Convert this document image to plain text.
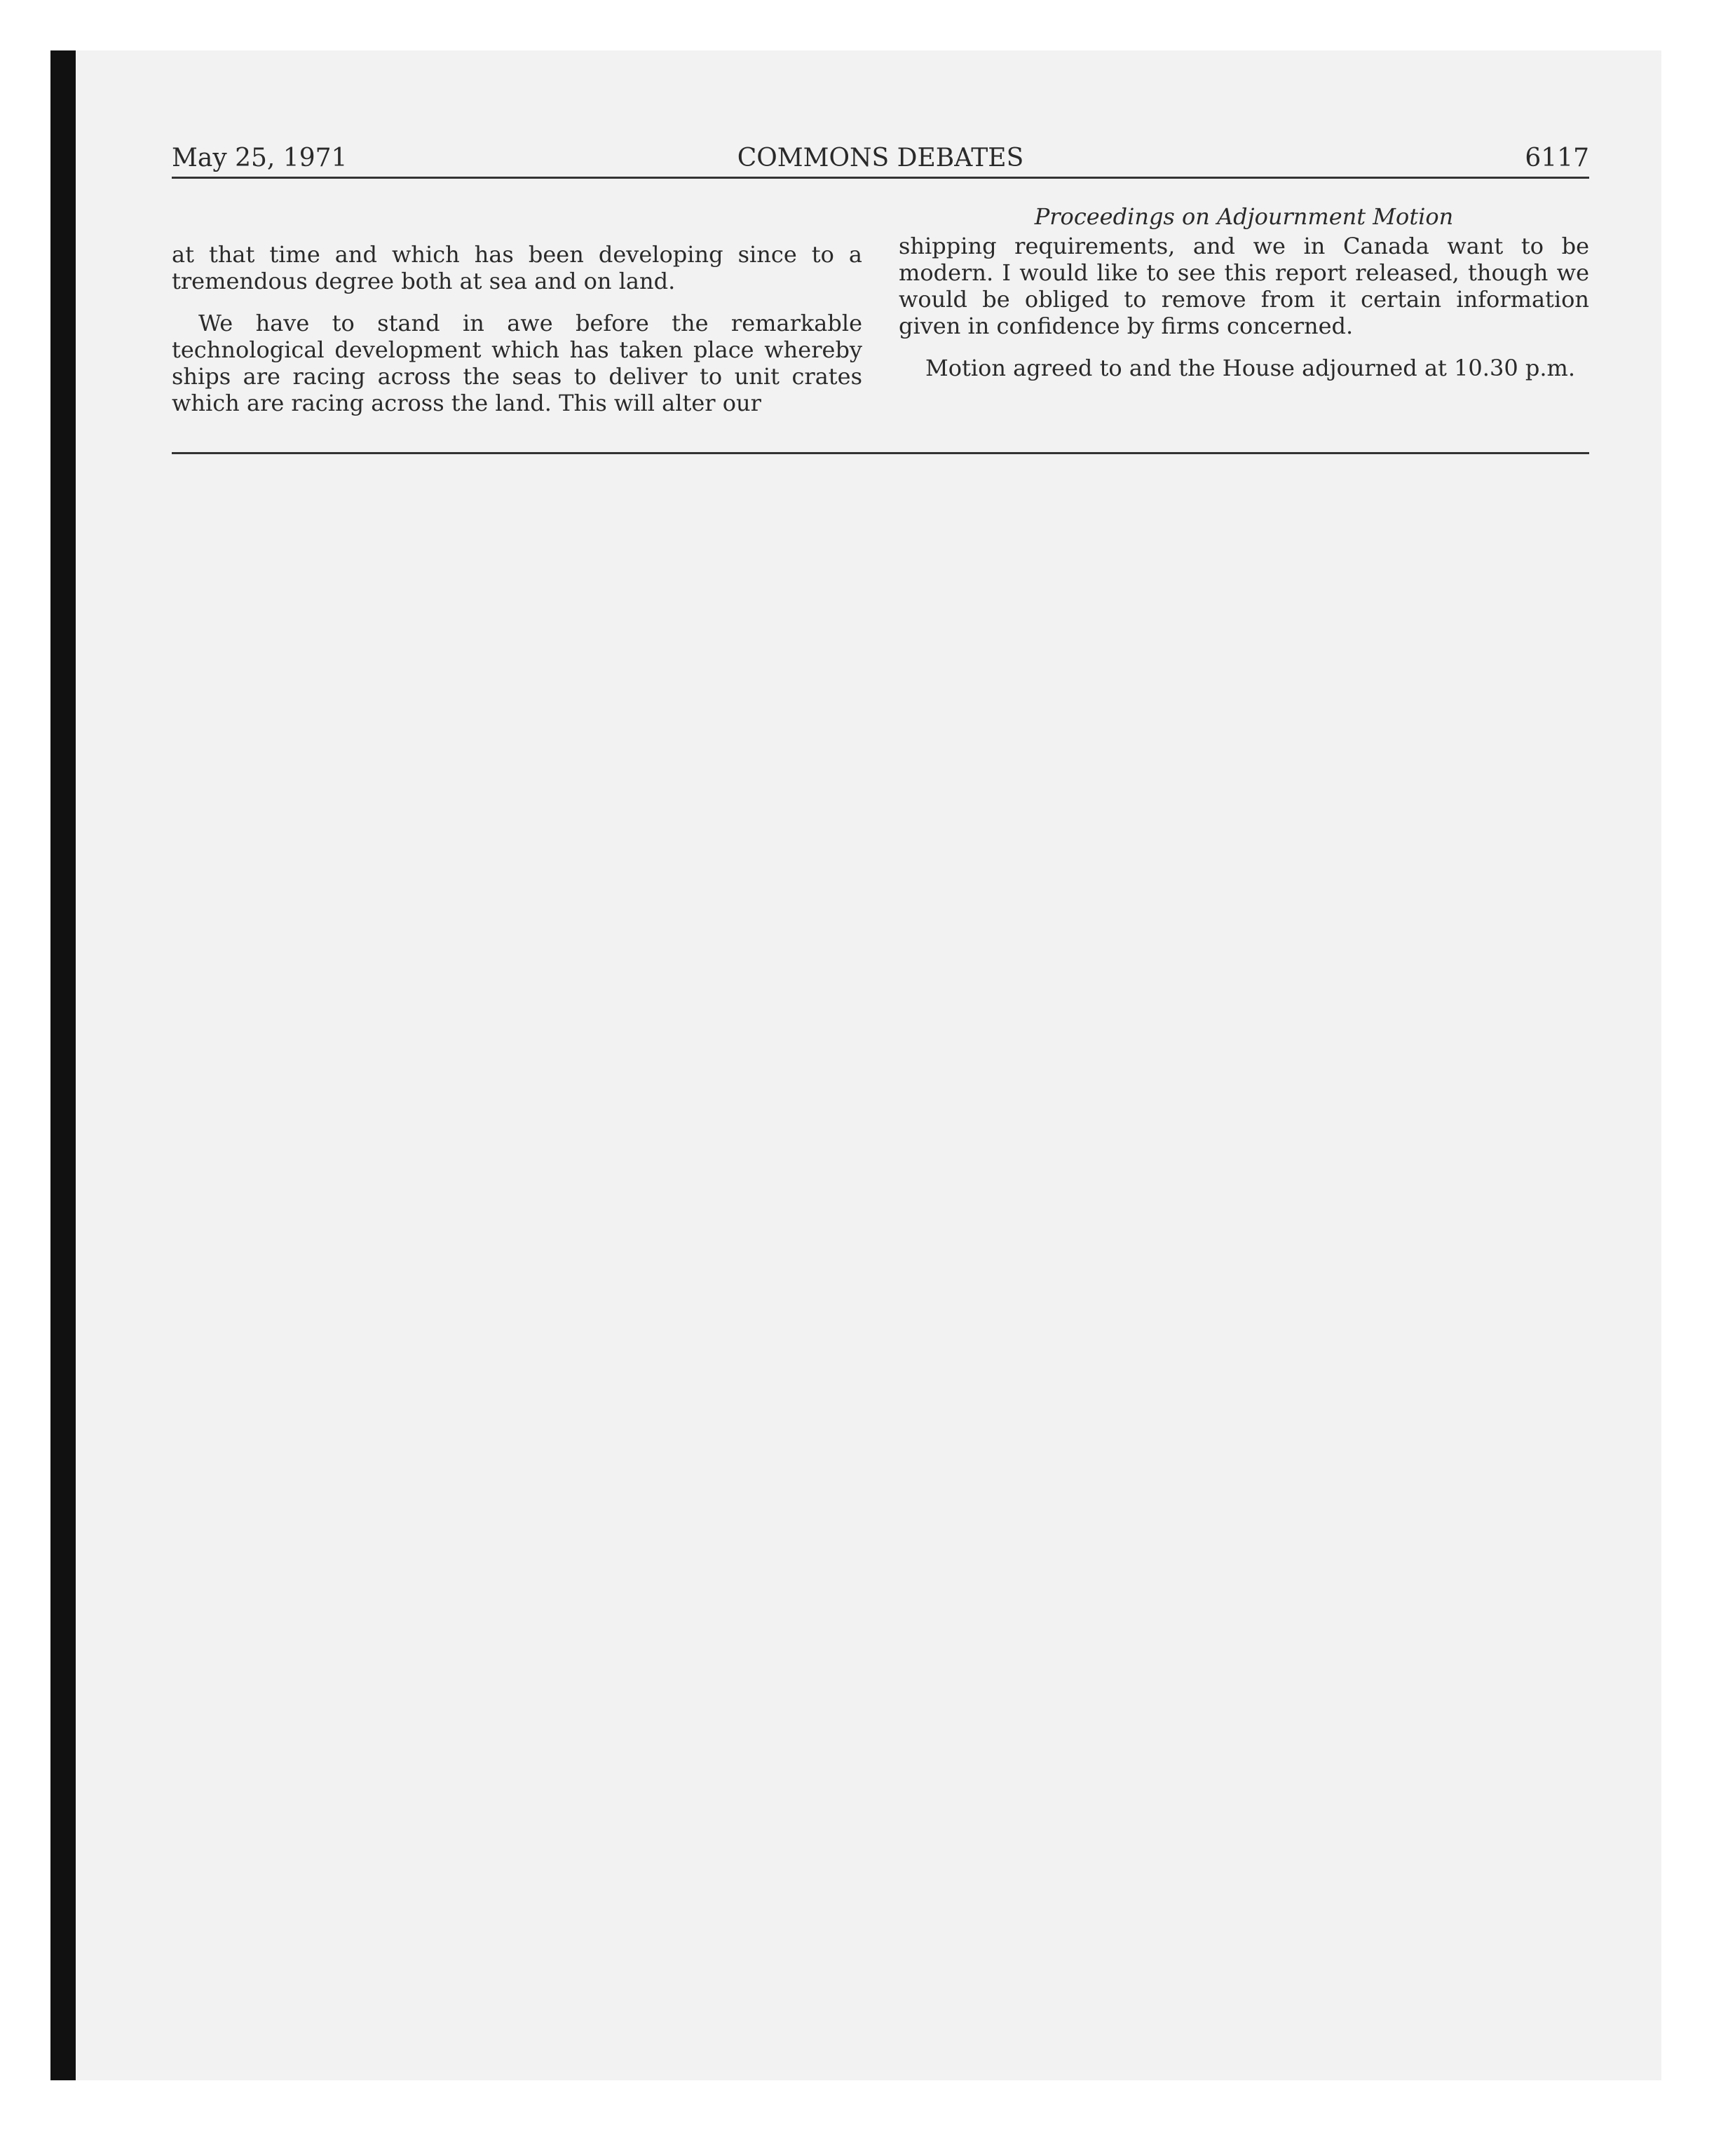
May 25, 1971	COMMONS DEBATES	6117

at that time and which has been developing since to a tremendous degree both at sea and on land.

We have to stand in awe before the remarkable technological development which has taken place whereby ships are racing across the seas to deliver to unit crates which are racing across the land. This will alter our

Proceedings on Adjournment Motion

shipping requirements, and we in Canada want to be modern. I would like to see this report released, though we would be obliged to remove from it certain information given in confidence by firms concerned.

Motion agreed to and the House adjourned at 10.30 p.m.
